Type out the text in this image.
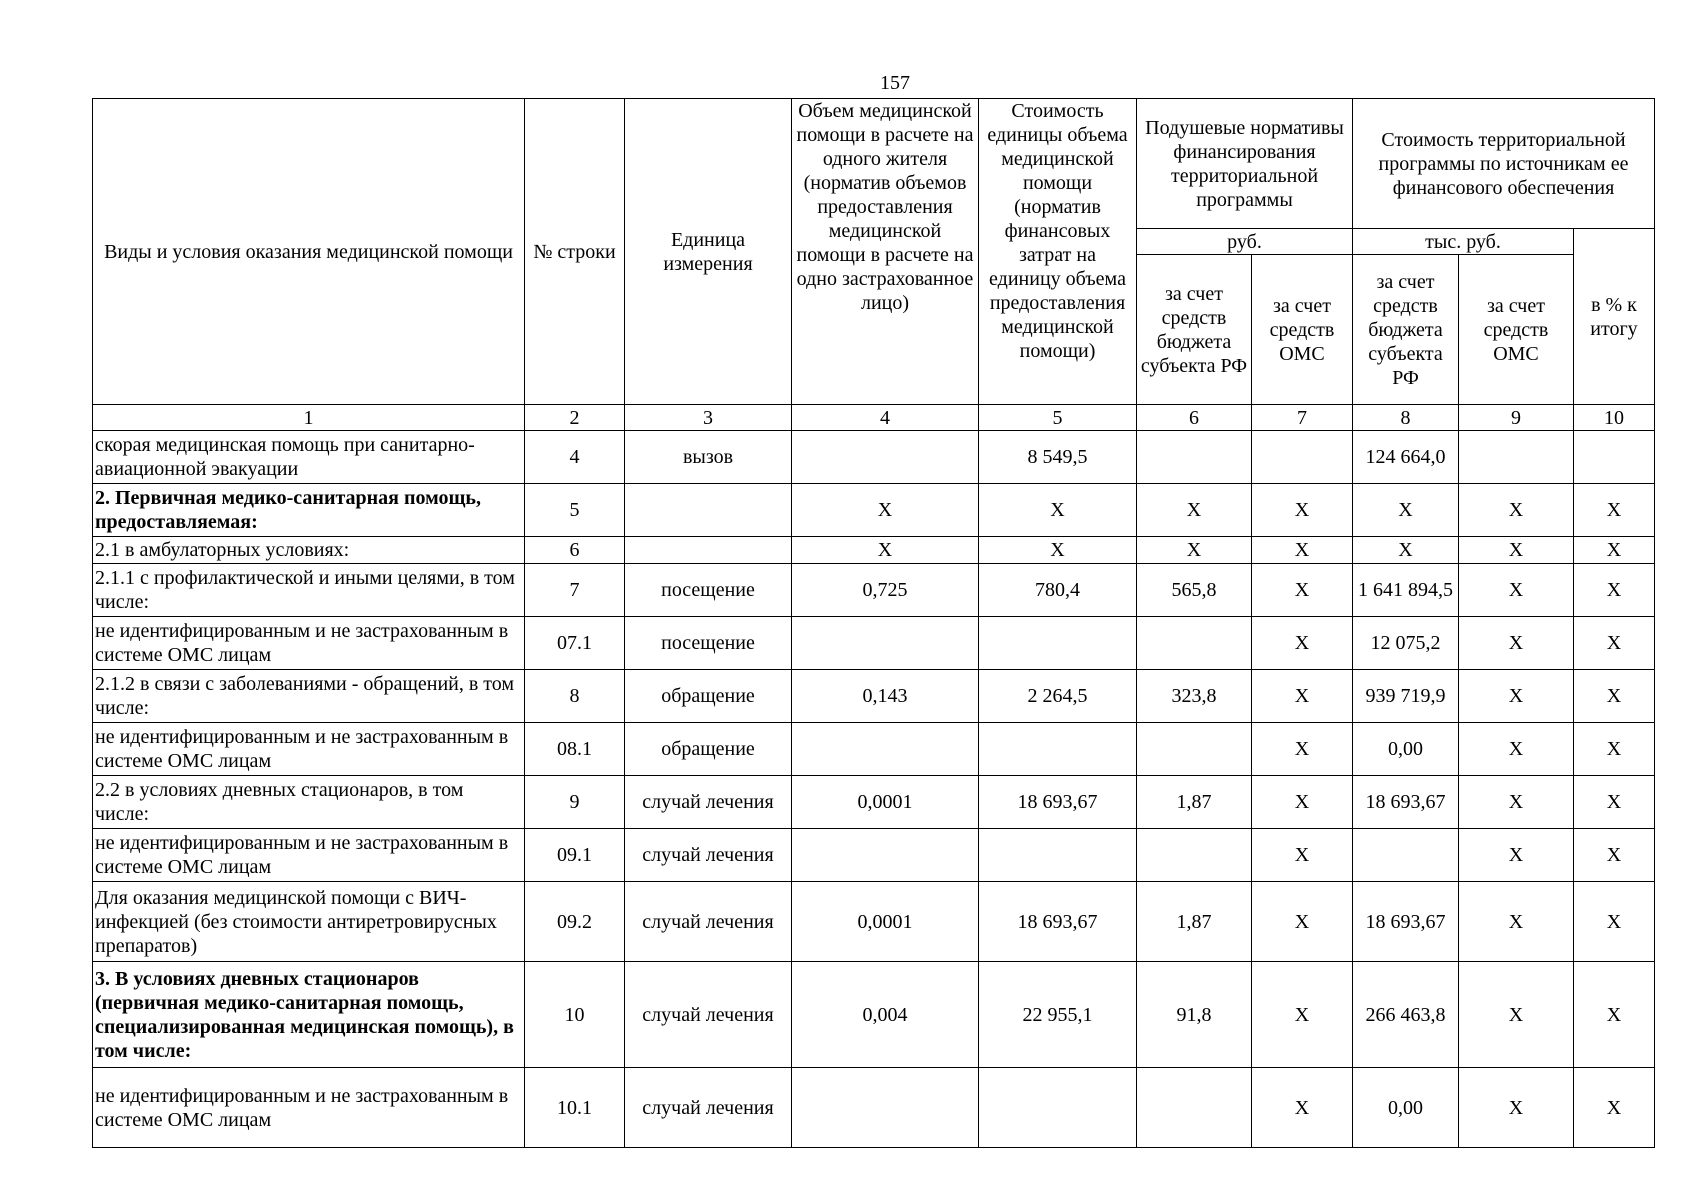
157
Виды и условия оказания медицинской помощи	№ строки	Единица измерения	Объем медицинской помощи в расчете на одного жителя (норматив объемов предоставления медицинской помощи в расчете на одно застрахованное лицо)	Стоимость единицы объема медицинской помощи (норматив финансовых затрат на единицу объема предоставления медицинской помощи)	Подушевые нормативы финансирования территориальной программы		Стоимость территориальной программы по источникам ее финансового обеспечения		
					руб.		тыс. руб.		в % к итогу
					за счет средств бюджета субъекта РФ	за счет средств ОМС	за счет средств бюджета субъекта РФ	за счет средств ОМС	
1	2	3	4	5	6	7	8	9	10
скорая медицинская помощь при санитарно-авиационной эвакуации	4	вызов		8 549,5			124 664,0		
2. Первичная медико-санитарная помощь, предоставляемая:	5		X	X	X	X	X	X	X
2.1 в амбулаторных условиях:	6		X	X	X	X	X	X	X
2.1.1 с профилактической и иными целями, в том числе:	7	посещение	0,725	780,4	565,8	X	1 641 894,5	X	X
не идентифицированным и не застрахованным в системе ОМС лицам	07.1	посещение				X	12 075,2	X	X
2.1.2 в связи с заболеваниями - обращений, в том числе:	8	обращение	0,143	2 264,5	323,8	X	939 719,9	X	X
не идентифицированным и не застрахованным в системе ОМС лицам	08.1	обращение				X	0,00	X	X
2.2 в условиях дневных стационаров, в том числе:	9	случай лечения	0,0001	18 693,67	1,87	X	18 693,67	X	X
не идентифицированным и не застрахованным в системе ОМС лицам	09.1	случай лечения				X		X	X
Для оказания медицинской помощи с ВИЧ-инфекцией (без стоимости антиретровирусных препаратов)	09.2	случай лечения	0,0001	18 693,67	1,87	X	18 693,67	X	X
3. В условиях дневных стационаров (первичная медико-санитарная помощь, специализированная медицинская помощь), в том числе:	10	случай лечения	0,004	22 955,1	91,8	X	266 463,8	X	X
не идентифицированным и не застрахованным в системе ОМС лицам	10.1	случай лечения				X	0,00	X	X
